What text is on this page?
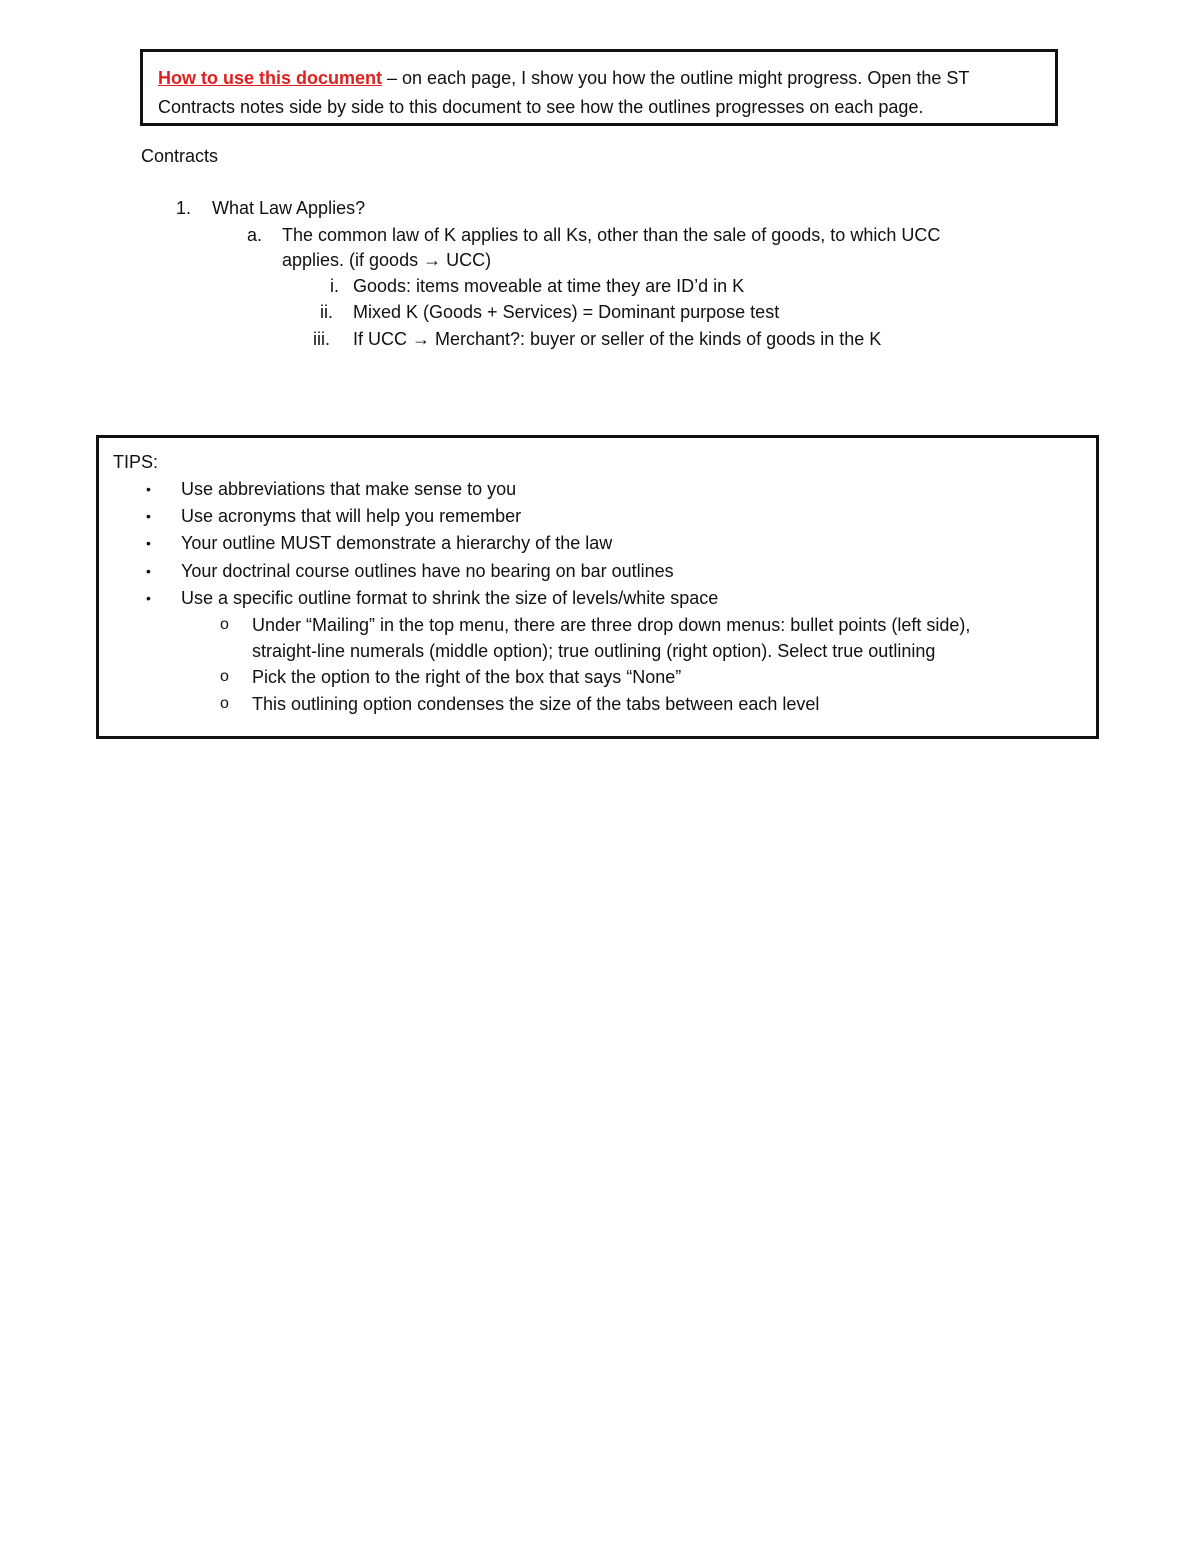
How to use this document – on each page, I show you how the outline might progress. Open the ST
Contracts notes side by side to this document to see how the outlines progresses on each page.
Contracts
1. What Law Applies?
a. The common law of K applies to all Ks, other than the sale of goods, to which UCC
applies. (if goods → UCC)
i. Goods: items moveable at time they are ID’d in K
ii. Mixed K (Goods + Services) = Dominant purpose test
iii. If UCC → Merchant?: buyer or seller of the kinds of goods in the K
TIPS:
• Use abbreviations that make sense to you
• Use acronyms that will help you remember
• Your outline MUST demonstrate a hierarchy of the law
• Your doctrinal course outlines have no bearing on bar outlines
• Use a specific outline format to shrink the size of levels/white space
o Under “Mailing” in the top menu, there are three drop down menus: bullet points (left side),
straight-line numerals (middle option); true outlining (right option). Select true outlining
o Pick the option to the right of the box that says “None”
o This outlining option condenses the size of the tabs between each level
